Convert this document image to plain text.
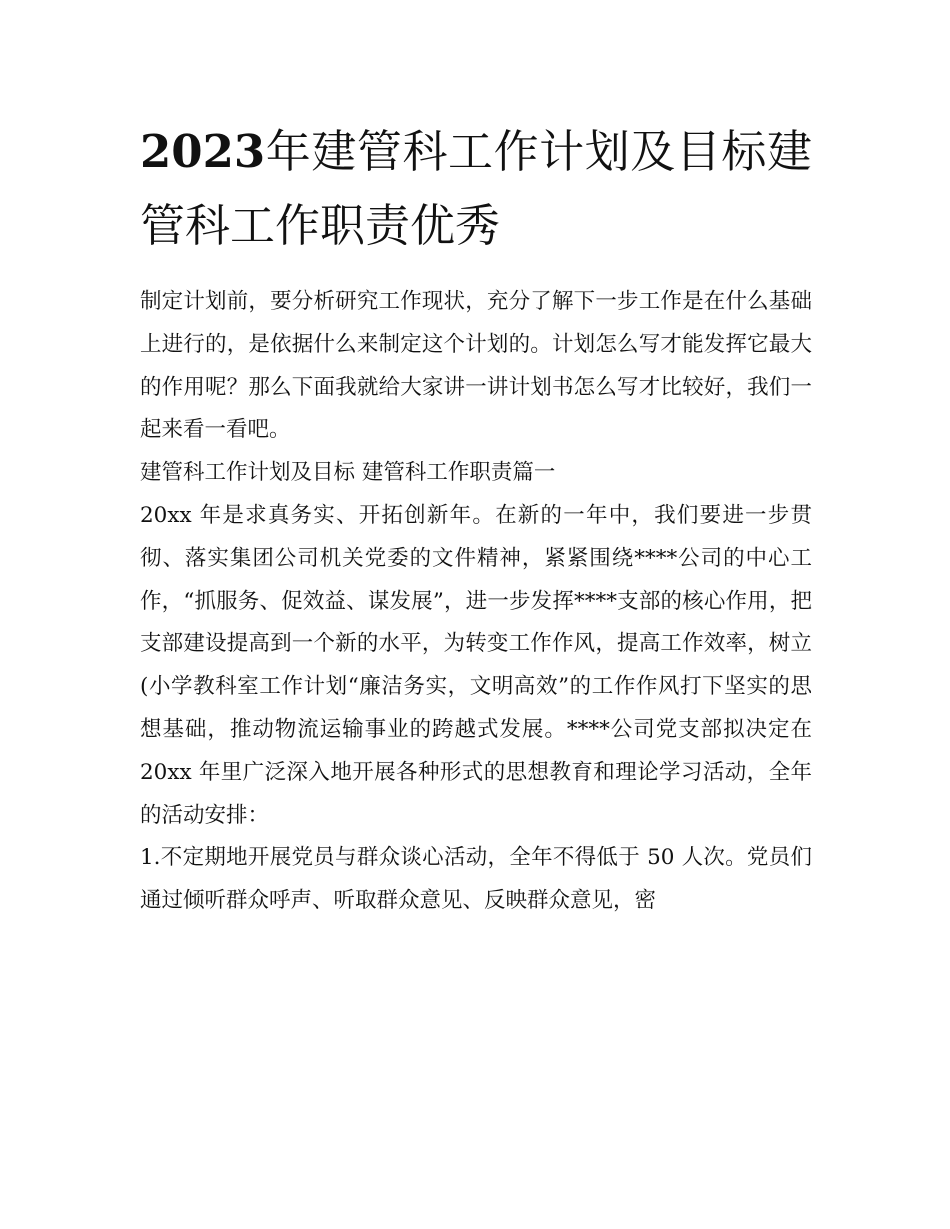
2023年建管科工作计划及目标建管科工作职责优秀

制定计划前，要分析研究工作现状，充分了解下一步工作是在什么基础上进行的，是依据什么来制定这个计划的。计划怎么写才能发挥它最大的作用呢？那么下面我就给大家讲一讲计划书怎么写才比较好，我们一起来看一看吧。

建管科工作计划及目标 建管科工作职责篇一

20xx 年是求真务实、开拓创新年。在新的一年中，我们要进一步贯彻、落实集团公司机关党委的文件精神，紧紧围绕****公司的中心工作，“抓服务、促效益、谋发展”，进一步发挥****支部的核心作用，把支部建设提高到一个新的水平，为转变工作作风，提高工作效率，树立(小学教科室工作计划“廉洁务实，文明高效”的工作作风打下坚实的思想基础，推动物流运输事业的跨越式发展。****公司党支部拟决定在 20xx 年里广泛深入地开展各种形式的思想教育和理论学习活动，全年的活动安排：

1.不定期地开展党员与群众谈心活动，全年不得低于 50 人次。党员们通过倾听群众呼声、听取群众意见、反映群众意见，密
